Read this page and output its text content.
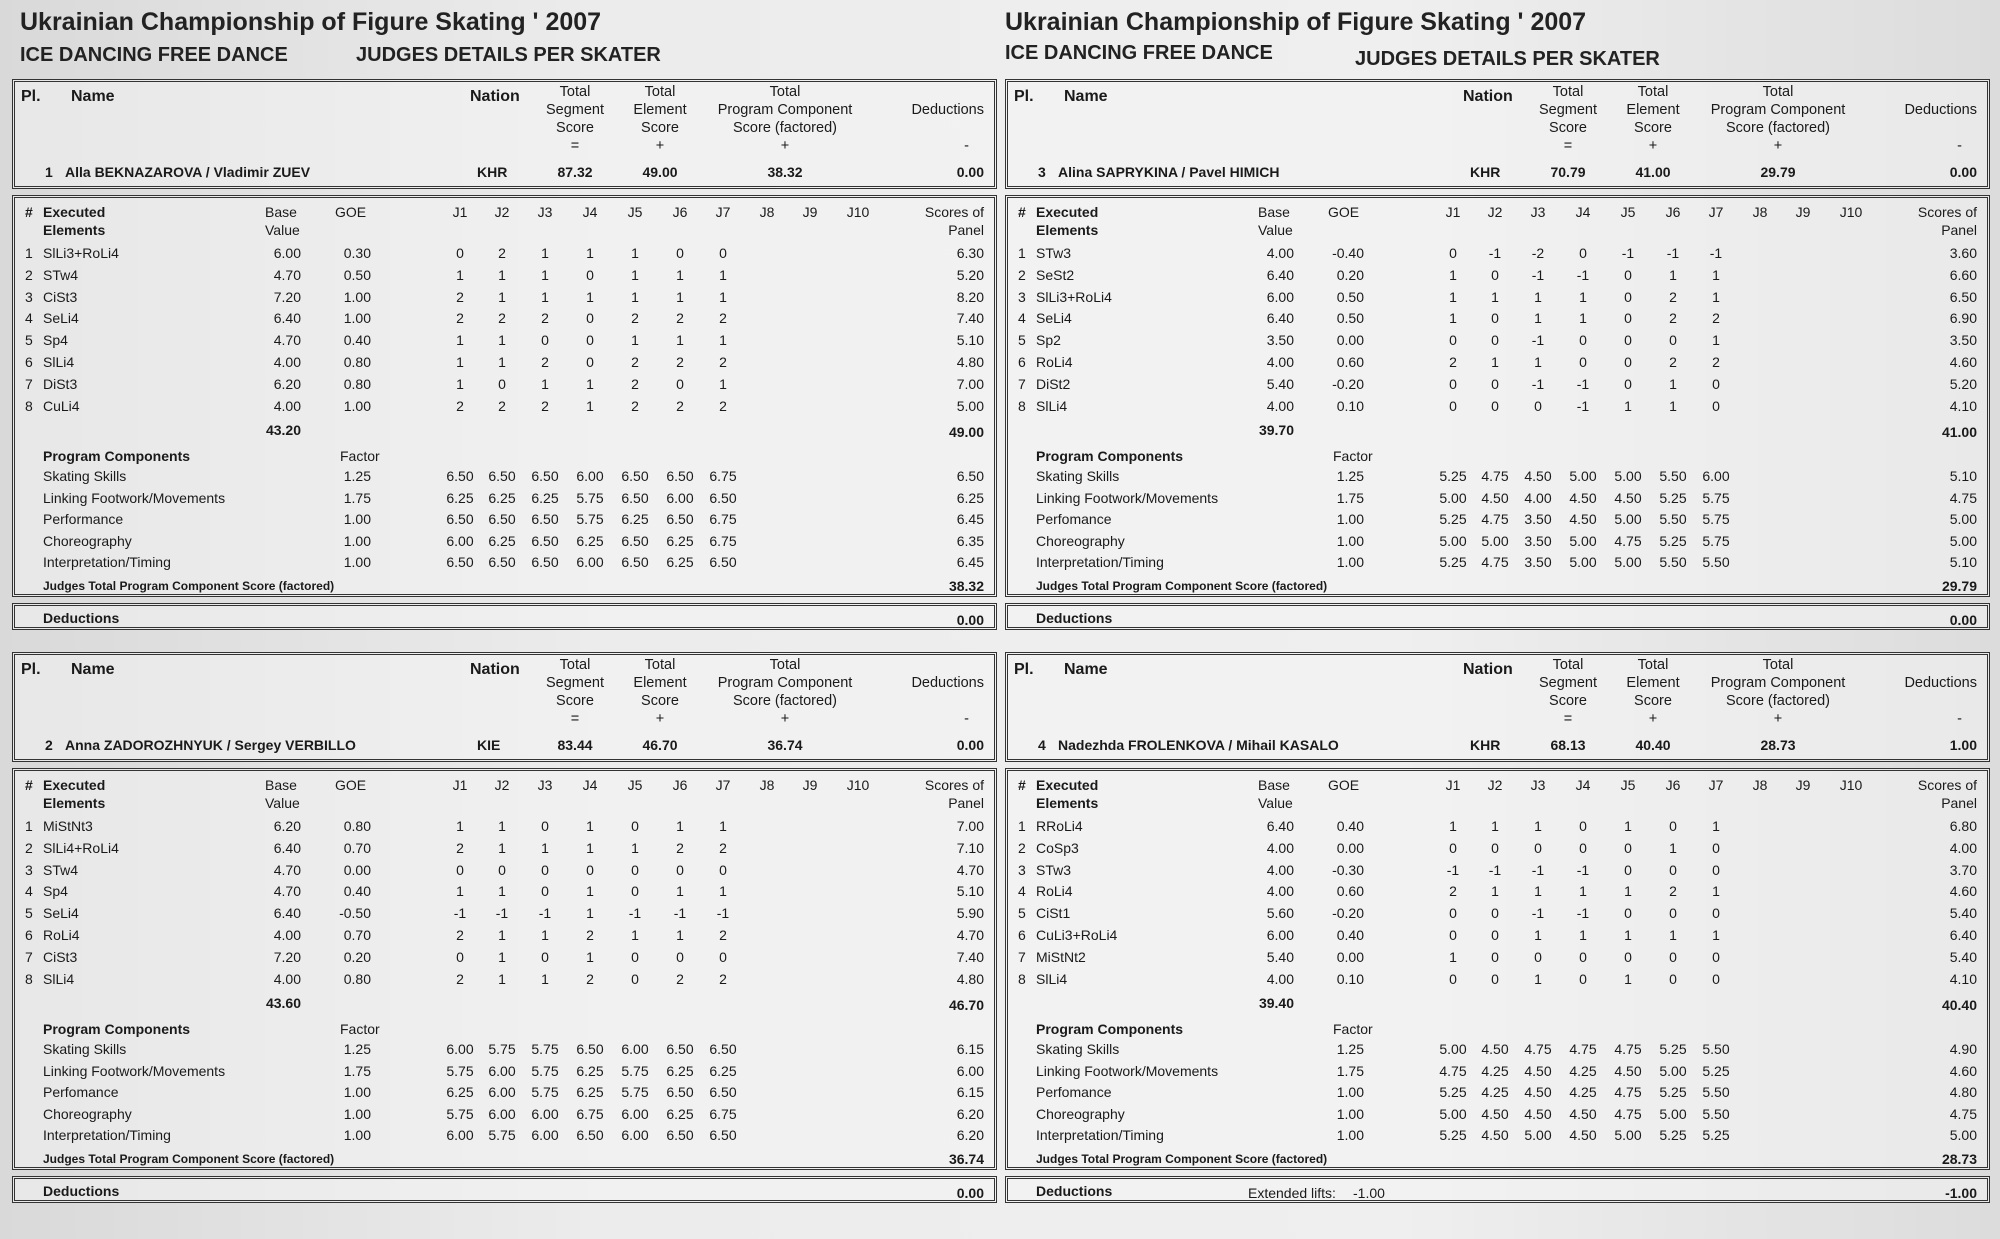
Ukrainian Championship of Figure Skating ' 2007
ICE DANCING FREE DANCE	JUDGES DETAILS PER SKATER
Ukrainian Championship of Figure Skating ' 2007
ICE DANCING FREE DANCE	JUDGES DETAILS PER SKATER
Pl. Name	Nation	Total
Segment
Score
=
Total
Element
Score
+
Total
Program Component
Score (factored)
+
Deductions
-
1 Alla BEKNAZAROVA / Vladimir ZUEV	KHR	87.32	49.00	38.32	0.00
# Executed
Elements
Base
Value
GOE	J1 J2 J3 J4 J5 J6 J7 J8 J9 J10	Scores of
Panel
1 SlLi3+RoLi4	6.00	0.30	0 2	1	1	1	0	0	6.30
2 STw4	4.70	0.50	1 1	1	0	1	1	1	5.20
3 CiSt3	7.20	1.00	2 1	1	1	1	1	1	8.20
4 SeLi4	6.40	1.00	2 2	2	0	2	2	2	7.40
5 Sp4	4.70	0.40	1 1	0	0	1	1	1	5.10
6 SlLi4	4.00	0.80	1 1	2	0	2	2	2	4.80
7 DiSt3	6.20	0.80	1 0	1	1	2	0	1	7.00
8 CuLi4	4.00	1.00	2 2	2	1	2	2	2	5.00
43.20	49.00
Program Components	Factor
Skating Skills	1.25	6.50 6.50 6.50 6.00 6.50 6.50 6.75	6.50
Linking Footwork/Movements	1.75	6.25 6.25 6.25 5.75 6.50 6.00 6.50	6.25
Performance	1.00	6.50 6.50 6.50 5.75 6.25 6.50 6.75	6.45
Choreography	1.00	6.00 6.25 6.50 6.25 6.50 6.25 6.75	6.35
Interpretation/Timing	1.00	6.50 6.50 6.50 6.00 6.50 6.25 6.50	6.45
Judges Total Program Component Score (factored)	38.32
Deductions	0.00
Pl. Name	Nation	Total
Segment
Score
=
Total
Element
Score
+
Total
Program Component
Score (factored)
+
Deductions
-
3 Alina SAPRYKINA / Pavel HIMICH	KHR	70.79	41.00	29.79	0.00
# Executed
Elements
Base
Value
GOE	J1 J2 J3 J4 J5 J6 J7 J8 J9 J10	Scores of
Panel
1 STw3	4.00	-0.40	0 -1 -2 0 -1 -1 -1	3.60
2 SeSt2	6.40	0.20	1 0 -1 -1 0	1	1	6.60
3 SlLi3+RoLi4	6.00	0.50	1 1	1	1	0	2	1	6.50
4 SeLi4	6.40	0.50	1 0	1	1	0	2	2	6.90
5 Sp2	3.50	0.00	0 0 -1 0	0	0	1	3.50
6 RoLi4	4.00	0.60	2 1	1	0	0	2	2	4.60
7 DiSt2	5.40	-0.20	0 0 -1 -1 0	1	0	5.20
8 SlLi4	4.00	0.10	0 0	0 -1 1	1	0	4.10
39.70	41.00
Program Components	Factor
Skating Skills	1.25	5.25 4.75 4.50 5.00 5.00 5.50 6.00	5.10
Linking Footwork/Movements	1.75	5.00 4.50 4.00 4.50 4.50 5.25 5.75	4.75
Perfomance	1.00	5.25 4.75 3.50 4.50 5.00 5.50 5.75	5.00
Choreography	1.00	5.00 5.00 3.50 5.00 4.75 5.25 5.75	5.00
Interpretation/Timing	1.00	5.25 4.75 3.50 5.00 5.00 5.50 5.50	5.10
Judges Total Program Component Score (factored)	29.79
Deductions	0.00
Pl. Name	Nation	Total
Segment
Score
=
Total
Element
Score
+
Total
Program Component
Score (factored)
+
Deductions
-
2 Anna ZADOROZHNYUK / Sergey VERBILLO	KIE	83.44	46.70	36.74	0.00
# Executed
Elements
Base
Value
GOE	J1 J2 J3 J4 J5 J6 J7 J8 J9 J10	Scores of
Panel
1 MiStNt3	6.20	0.80	1 1	0	1	0	1	1	7.00
2 SlLi4+RoLi4	6.40	0.70	2 1	1	1	1	2	2	7.10
3 STw4	4.70	0.00	0 0	0	0	0	0	0	4.70
4 Sp4	4.70	0.40	1 1	0	1	0	1	1	5.10
5 SeLi4	6.40	-0.50	-1 -1 -1 1 -1 -1 -1	5.90
6 RoLi4	4.00	0.70	2 1	1	2	1	1	2	4.70
7 CiSt3	7.20	0.20	0 1	0	1	0	0	0	7.40
8 SlLi4	4.00	0.80	2 1	1	2	0	2	2	4.80
43.60	46.70
Program Components	Factor
Skating Skills	1.25	6.00 5.75 5.75 6.50 6.00 6.50 6.50	6.15
Linking Footwork/Movements	1.75	5.75 6.00 5.75 6.25 5.75 6.25 6.25	6.00
Perfomance	1.00	6.25 6.00 5.75 6.25 5.75 6.50 6.50	6.15
Choreography	1.00	5.75 6.00 6.00 6.75 6.00 6.25 6.75	6.20
Interpretation/Timing	1.00	6.00 5.75 6.00 6.50 6.00 6.50 6.50	6.20
Judges Total Program Component Score (factored)	36.74
Deductions	0.00
Pl. Name	Nation	Total
Segment
Score
=
Total
Element
Score
+
Total
Program Component
Score (factored)
+
Deductions
-
4 Nadezhda FROLENKOVA / Mihail KASALO	KHR	68.13	40.40	28.73	1.00
# Executed
Elements
Base
Value
GOE	J1 J2 J3 J4 J5 J6 J7 J8 J9 J10	Scores of
Panel
1 RRoLi4	6.40	0.40	1 1	1	0	1	0	1	6.80
2 CoSp3	4.00	0.00	0 0	0	0	0	1	0	4.00
3 STw3	4.00	-0.30	-1 -1 -1 -1 0	0	0	3.70
4 RoLi4	4.00	0.60	2 1	1	1	1	2	1	4.60
5 CiSt1	5.60	-0.20	0 0 -1 -1 0	0	0	5.40
6 CuLi3+RoLi4	6.00	0.40	0 0	1	1	1	1	1	6.40
7 MiStNt2	5.40	0.00	1 0	0	0	0	0	0	5.40
8 SlLi4	4.00	0.10	0 0	1	0	1	0	0	4.10
39.40	40.40
Program Components	Factor
Skating Skills	1.25	5.00 4.50 4.75 4.75 4.75 5.25 5.50	4.90
Linking Footwork/Movements	1.75	4.75 4.25 4.50 4.25 4.50 5.00 5.25	4.60
Perfomance	1.00	5.25 4.25 4.50 4.25 4.75 5.25 5.50	4.80
Choreography	1.00	5.00 4.50 4.50 4.50 4.75 5.00 5.50	4.75
Interpretation/Timing	1.00	5.25 4.50 5.00 4.50 5.00 5.25 5.25	5.00
Judges Total Program Component Score (factored)	28.73
Deductions	Extended lifts: -1.00	-1.00
